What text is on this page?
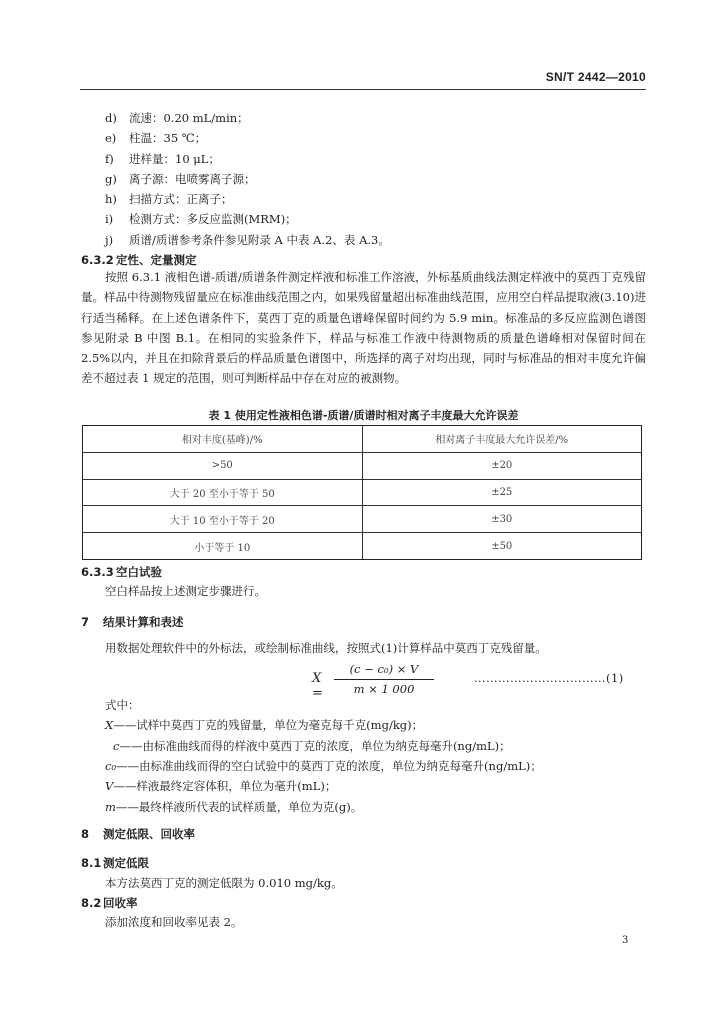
SN/T 2442—2010
d) 流速：0.20 mL/min；
e) 柱温：35 ℃；
f) 进样量：10 μL；
g) 离子源：电喷雾离子源；
h) 扫描方式：正离子；
i) 检测方式：多反应监测(MRM)；
j) 质谱/质谱参考条件参见附录 A 中表 A.2、表 A.3。
6.3.2 定性、定量测定
按照 6.3.1 液相色谱-质谱/质谱条件测定样液和标准工作溶液，外标基质曲线法测定样液中的莫西丁克残留量。样品中待测物残留量应在标准曲线范围之内，如果残留量超出标准曲线范围，应用空白样品提取液(3.10)进行适当稀释。在上述色谱条件下，莫西丁克的质量色谱峰保留时间约为 5.9 min。标准品的多反应监测色谱图参见附录 B 中图 B.1。在相同的实验条件下，样品与标准工作液中待测物质的质量色谱峰相对保留时间在 2.5%以内，并且在扣除背景后的样品质量色谱图中，所选择的离子对均出现，同时与标准品的相对丰度允许偏差不超过表 1 规定的范围，则可判断样品中存在对应的被测物。
表 1 使用定性液相色谱-质谱/质谱时相对离子丰度最大允许误差
相对丰度(基峰)/%	相对离子丰度最大允许误差/%
>50	±20
大于 20 至小于等于 50	±25
大于 10 至小于等于 20	±30
小于等于 10	±50
6.3.3 空白试验
空白样品按上述测定步骤进行。
7 结果计算和表述
用数据处理软件中的外标法，或绘制标准曲线，按照式(1)计算样品中莫西丁克残留量。
X =
(c − c₀) × V
m × 1 000
……………………………(1)
式中：
X——试样中莫西丁克的残留量，单位为毫克每千克(mg/kg)；
c——由标准曲线而得的样液中莫西丁克的浓度，单位为纳克每毫升(ng/mL)；
c₀——由标准曲线而得的空白试验中的莫西丁克的浓度，单位为纳克每毫升(ng/mL)；
V——样液最终定容体积，单位为毫升(mL)；
m——最终样液所代表的试样质量，单位为克(g)。
8 测定低限、回收率
8.1 测定低限
本方法莫西丁克的测定低限为 0.010 mg/kg。
8.2 回收率
添加浓度和回收率见表 2。
3
